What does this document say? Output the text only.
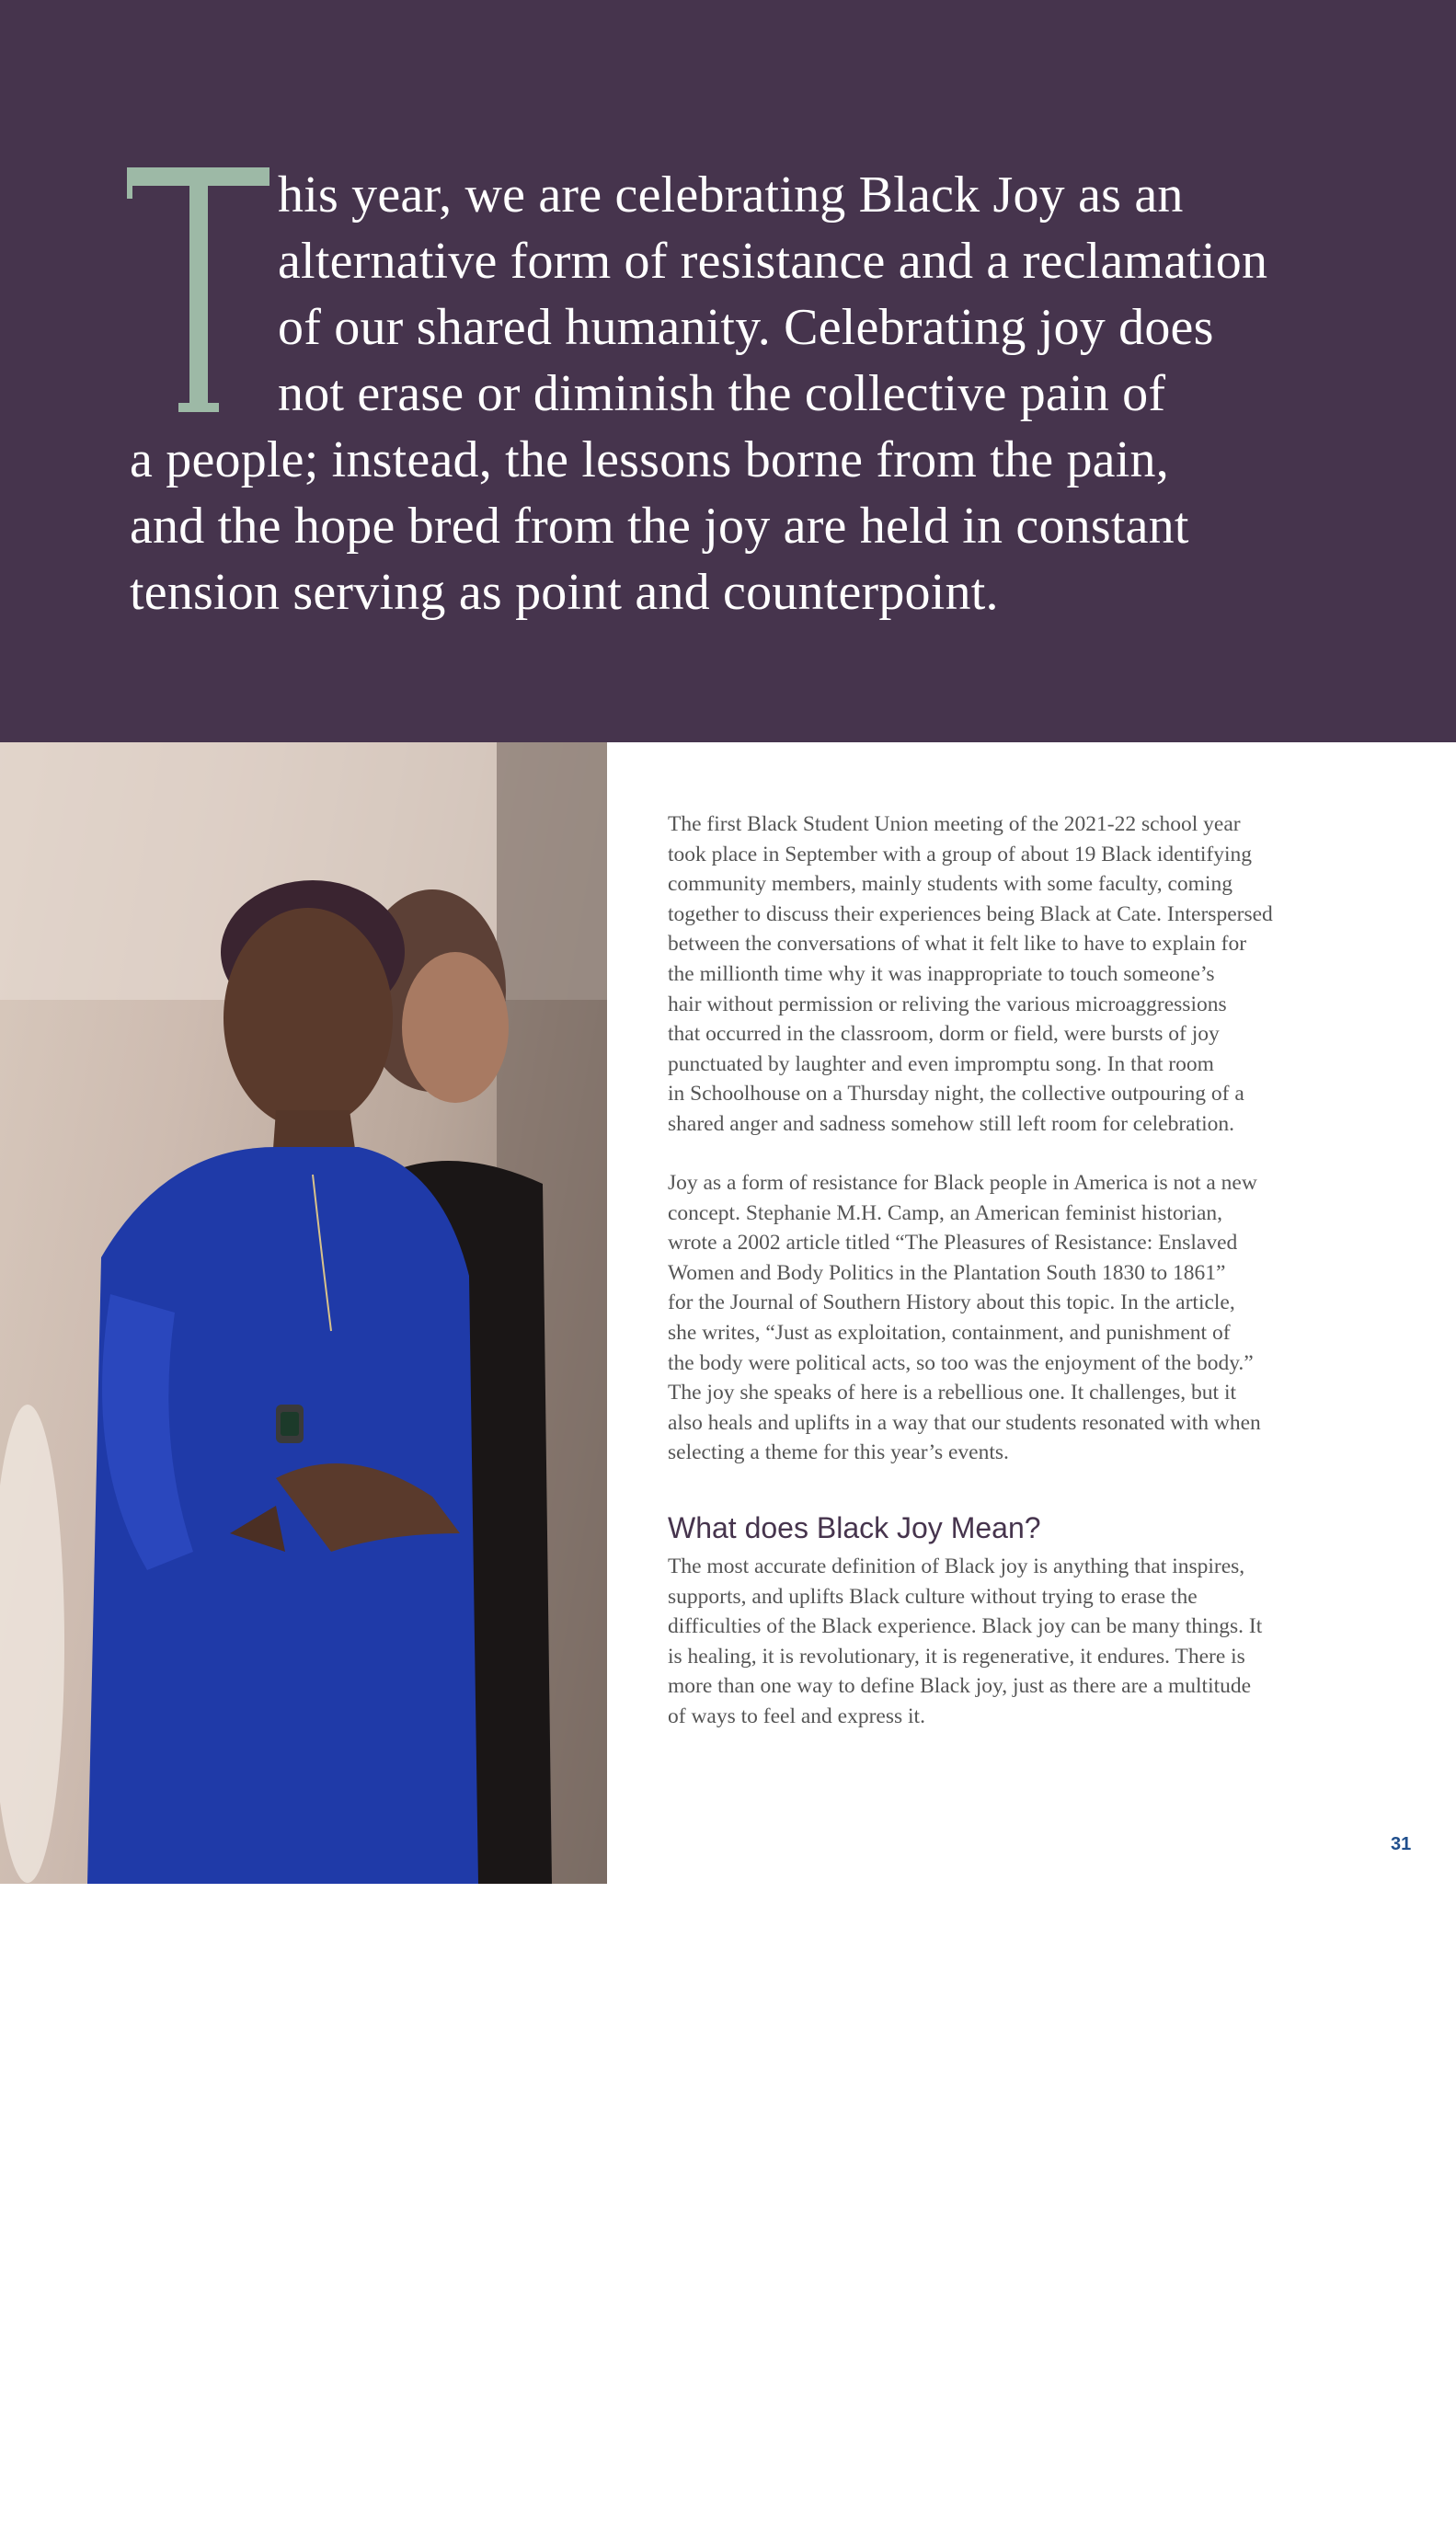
his year, we are celebrating Black Joy as an
alternative form of resistance and a reclamation
of our shared humanity. Celebrating joy does
not erase or diminish the collective pain of
a people; instead, the lessons borne from the pain,
and the hope bred from the joy are held in constant
tension serving as point and counterpoint.
Kadeine Peterson is all smiles during an emphatic
round of applause by the Cate community following
the Black History Fashion Show.
The first Black Student Union meeting of the 2021-22 school year
took place in September with a group of about 19 Black identifying
community members, mainly students with some faculty, coming
together to discuss their experiences being Black at Cate. Interspersed
between the conversations of what it felt like to have to explain for
the millionth time why it was inappropriate to touch someone’s
hair without permission or reliving the various microaggressions
that occurred in the classroom, dorm or field, were bursts of joy
punctuated by laughter and even impromptu song. In that room
in Schoolhouse on a Thursday night, the collective outpouring of a
shared anger and sadness somehow still left room for celebration.
Joy as a form of resistance for Black people in America is not a new
concept. Stephanie M.H. Camp, an American feminist historian,
wrote a 2002 article titled “The Pleasures of Resistance: Enslaved
Women and Body Politics in the Plantation South 1830 to 1861”
for the Journal of Southern History about this topic. In the article,
she writes, “Just as exploitation, containment, and punishment of
the body were political acts, so too was the enjoyment of the body.”
The joy she speaks of here is a rebellious one. It challenges, but it
also heals and uplifts in a way that our students resonated with when
selecting a theme for this year’s events.
What does Black Joy Mean?
The most accurate definition of Black joy is anything that inspires,
supports, and uplifts Black culture without trying to erase the
difficulties of the Black experience. Black joy can be many things. It
is healing, it is revolutionary, it is regenerative, it endures. There is
more than one way to define Black joy, just as there are a multitude
of ways to feel and express it.
31
